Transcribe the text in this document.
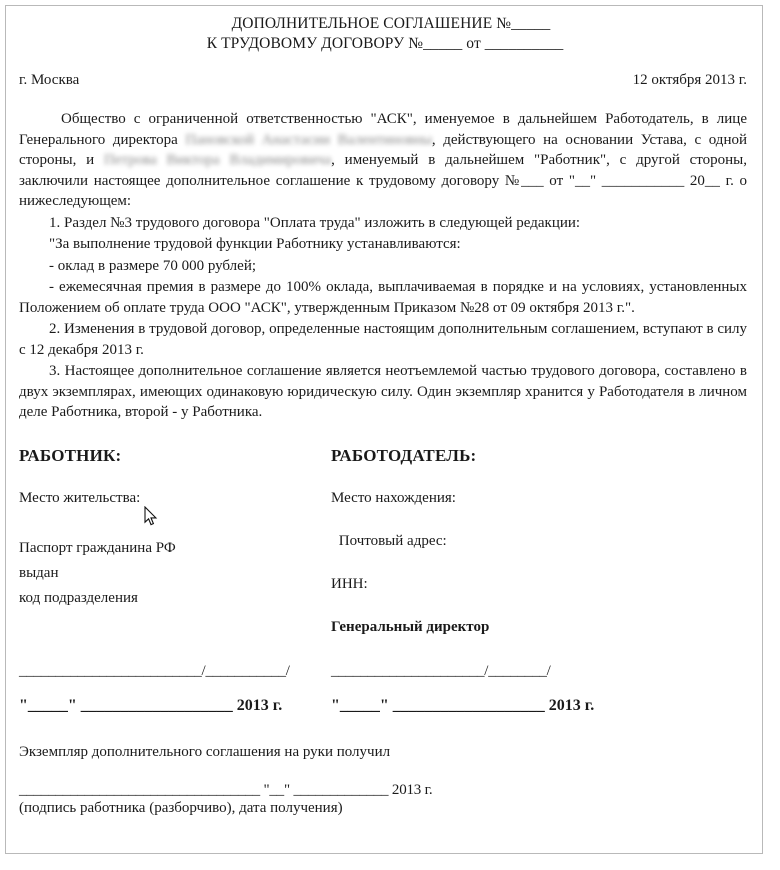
ДОПОЛНИТЕЛЬНОЕ СОГЛАШЕНИЕ №_____
К ТРУДОВОМУ ДОГОВОРУ №_____ от __________
г. Москва	12 октября 2013 г.

Общество с ограниченной ответственностью "АСК", именуемое в дальнейшем Работодатель, в лице Генерального директора Пановской Анастасии Валентиновны, действующего на основании Устава, с одной стороны, и Петрова Виктора Владимировича, именуемый в дальнейшем "Работник", с другой стороны, заключили настоящее дополнительное соглашение к трудовому договору №___ от "__" ___________ 20__ г. о нижеследующем:

1. Раздел №3 трудового договора "Оплата труда" изложить в следующей редакции:

"За выполнение трудовой функции Работнику устанавливаются:

- оклад в размере 70 000 рублей;

- ежемесячная премия в размере до 100% оклада, выплачиваемая в порядке и на условиях, установленных Положением об оплате труда ООО "АСК", утвержденным Приказом №28 от 09 октября 2013 г.".

2. Изменения в трудовой договор, определенные настоящим дополнительным соглашением, вступают в силу с 12 декабря 2013 г.

3. Настоящее дополнительное соглашение является неотъемлемой частью трудового договора, составлено в двух экземплярах, имеющих одинаковую юридическую силу. Один экземпляр хранится у Работодателя в личном деле Работника, второй - у Работника.

РАБОТНИК:	РАБОТОДАТЕЛЬ:
Место жительства:
Паспорт гражданина РФ
выдан
код подразделения
Место нахождения:
Почтовый адрес:
ИНН:
Генеральный директор
_________________________/___________/	_____________________/________/
"_____" ___________________ 2013 г.	"_____" ___________________ 2013 г.
Экземпляр дополнительного соглашения на руки получил
_________________________________ "__" _____________ 2013 г.
(подпись работника (разборчиво), дата получения)
